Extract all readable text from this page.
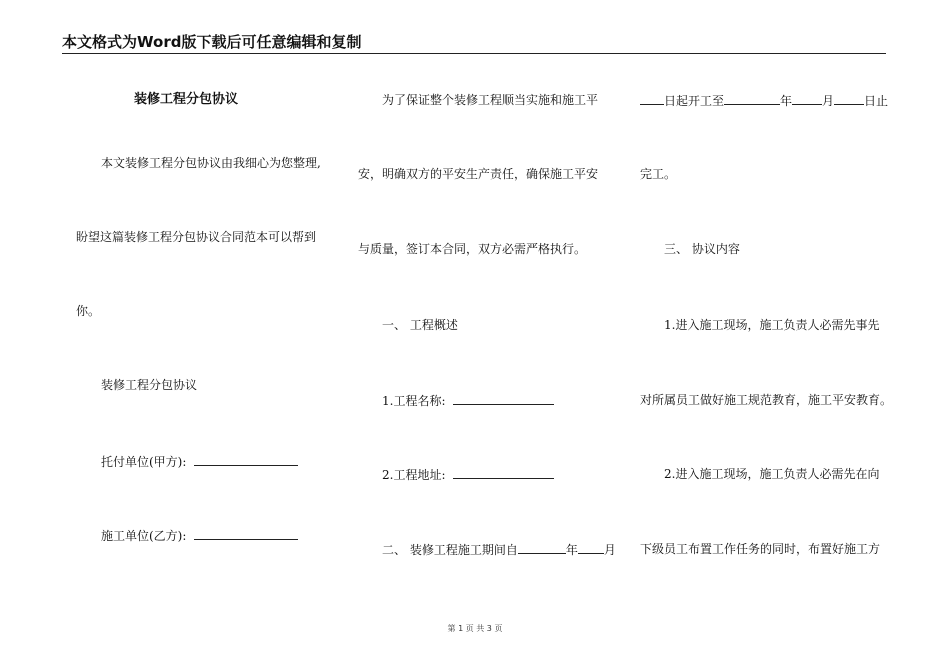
本文格式为Word版下载后可任意编辑和复制
装修工程分包协议
本文装修工程分包协议由我细心为您整理,
盼望这篇装修工程分包协议合同范本可以帮到
你。
装修工程分包协议
托付单位(甲方):
施工单位(乙方):
为了保证整个装修工程顺当实施和施工平
安，明确双方的平安生产责任，确保施工平安
与质量，签订本合同，双方必需严格执行。
一、 工程概述
1.工程名称:
2.工程地址:
二、 装修工程施工期间自	年 月
日起开工至	年	月	日止
完工。
三、 协议内容
1.进入施工现场，施工负责人必需先事先
对所属员工做好施工规范教育，施工平安教育。
2.进入施工现场，施工负责人必需先在向
下级员工布置工作任务的同时，布置好施工方
第 1 页 共 3 页
